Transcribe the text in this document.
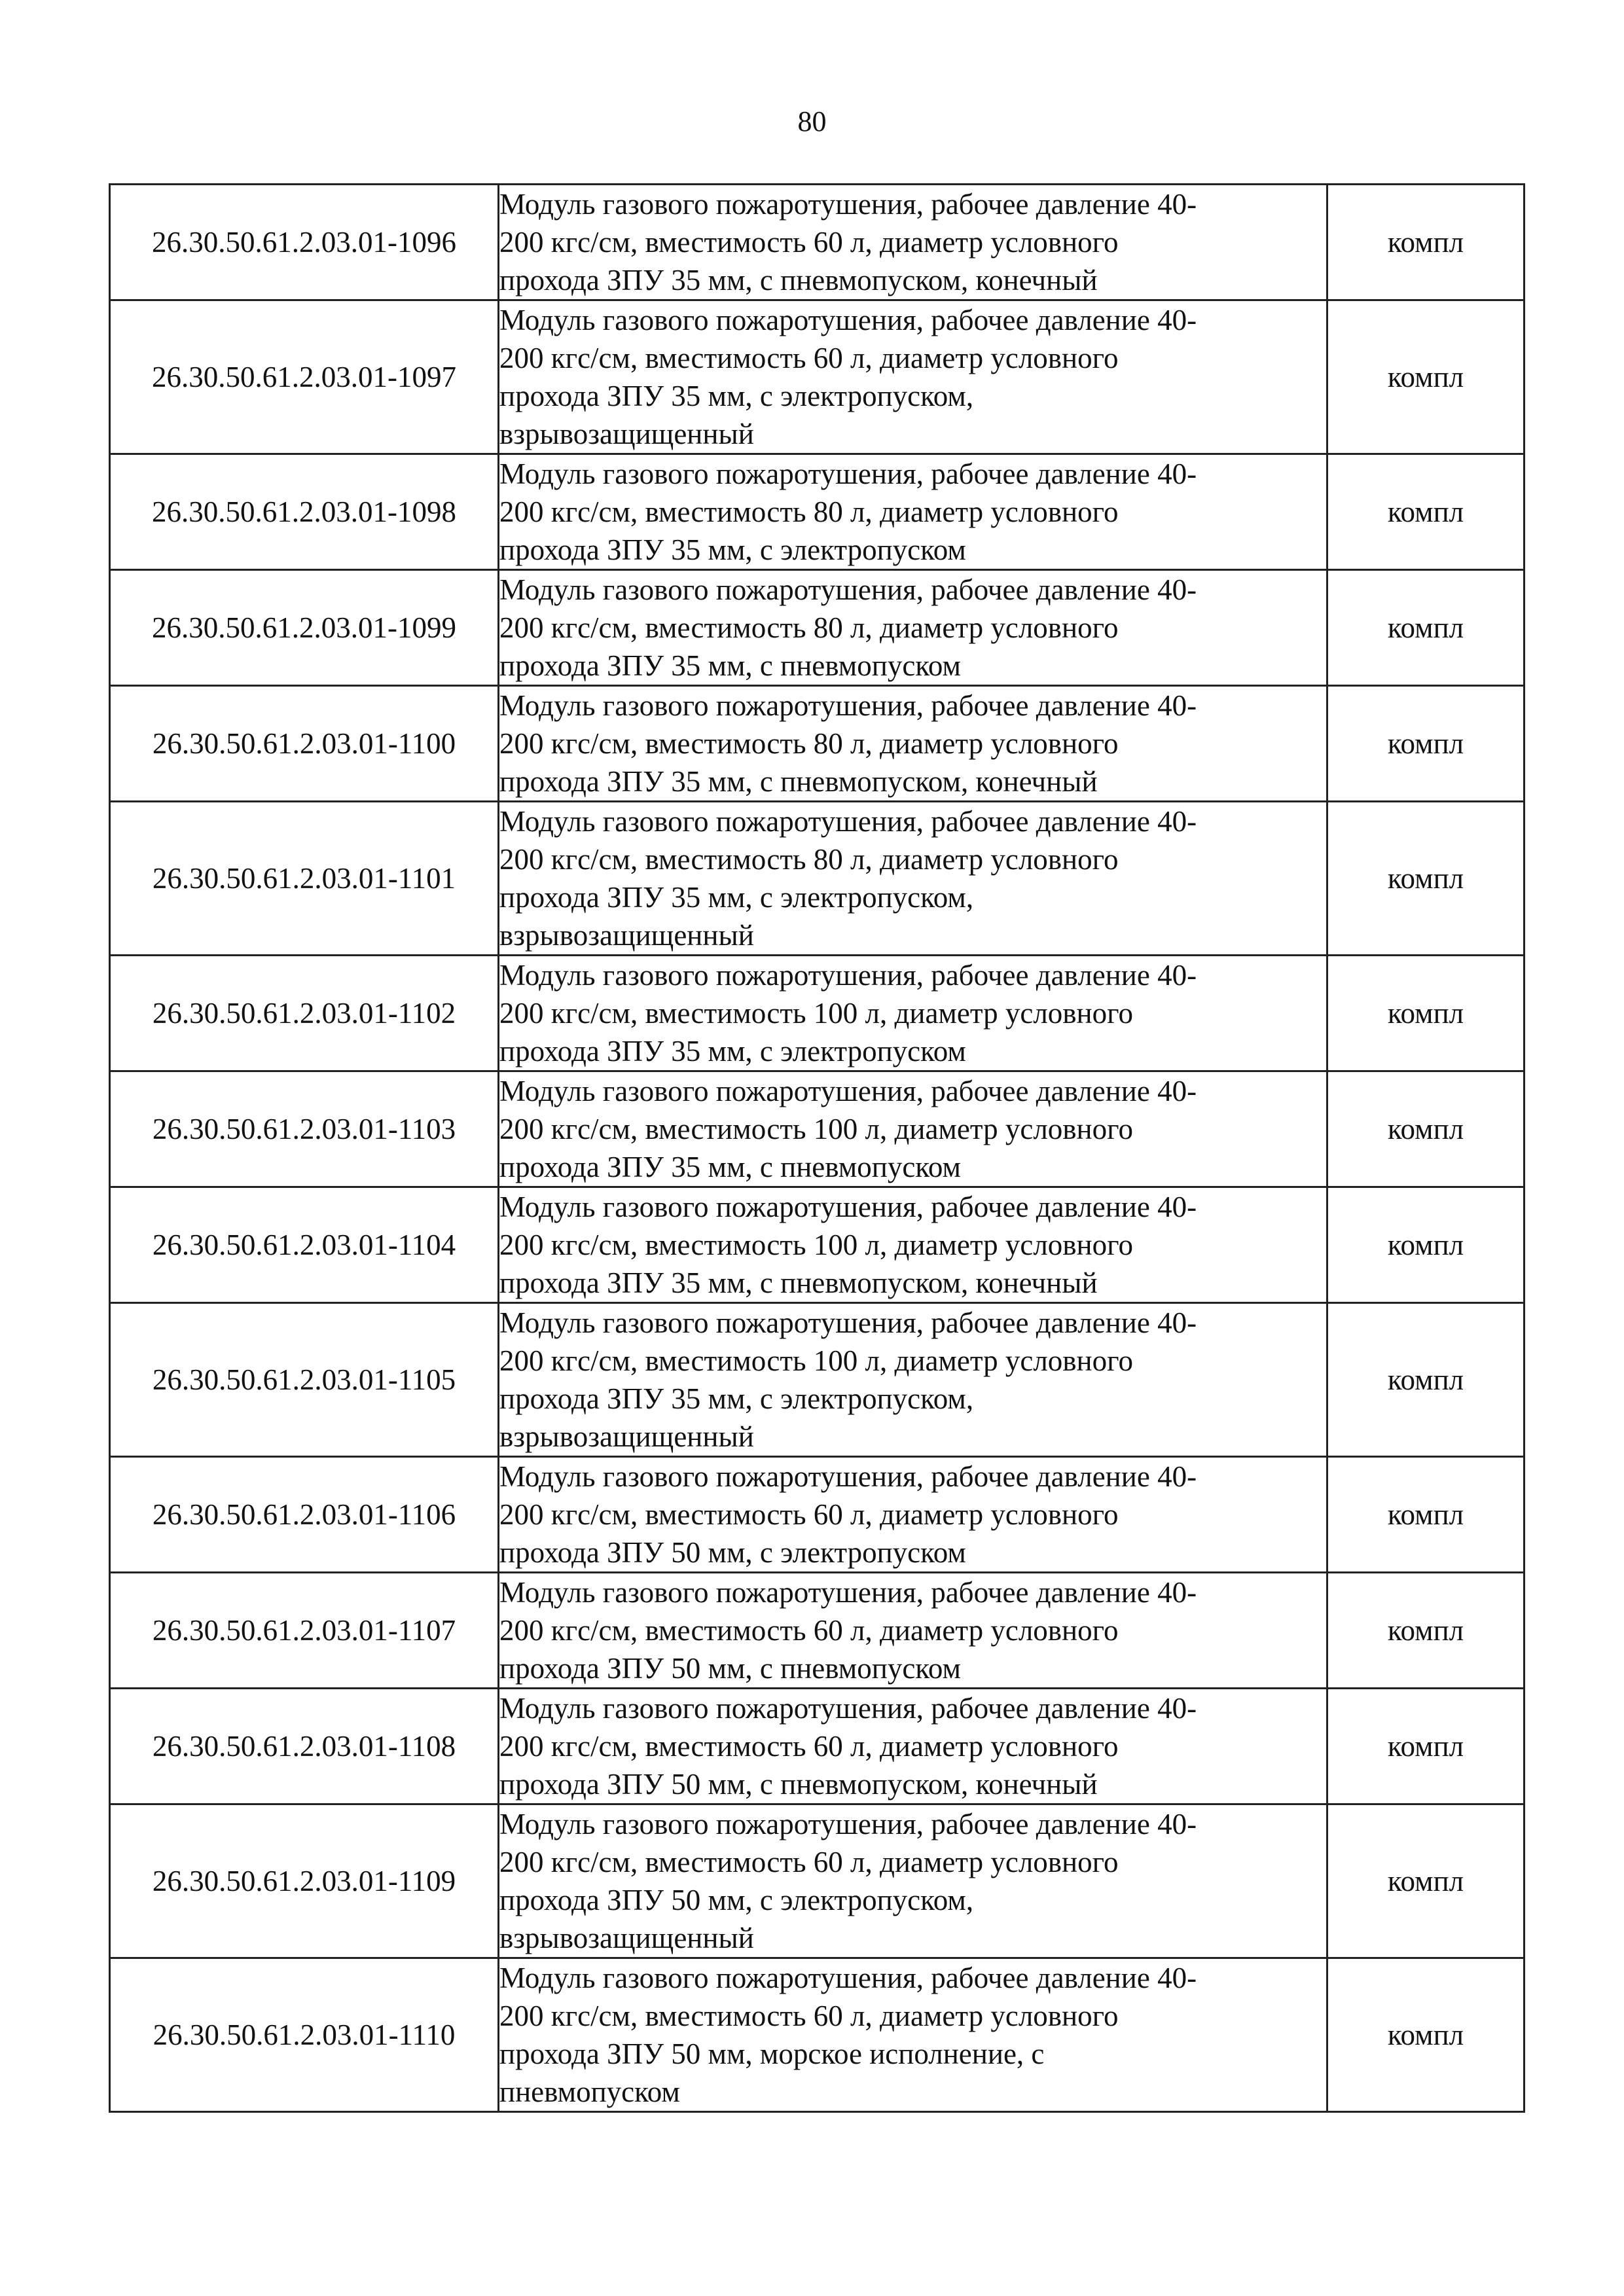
80
26.30.50.61.2.03.01-1096	Модуль газового пожаротушения, рабочее давление 40-
200 кгс/см, вместимость 60 л, диаметр условного
прохода ЗПУ 35 мм, с пневмопуском, конечный	компл
26.30.50.61.2.03.01-1097	Модуль газового пожаротушения, рабочее давление 40-
200 кгс/см, вместимость 60 л, диаметр условного
прохода ЗПУ 35 мм, с электропуском,
взрывозащищенный	компл
26.30.50.61.2.03.01-1098	Модуль газового пожаротушения, рабочее давление 40-
200 кгс/см, вместимость 80 л, диаметр условного
прохода ЗПУ 35 мм, с электропуском	компл
26.30.50.61.2.03.01-1099	Модуль газового пожаротушения, рабочее давление 40-
200 кгс/см, вместимость 80 л, диаметр условного
прохода ЗПУ 35 мм, с пневмопуском	компл
26.30.50.61.2.03.01-1100	Модуль газового пожаротушения, рабочее давление 40-
200 кгс/см, вместимость 80 л, диаметр условного
прохода ЗПУ 35 мм, с пневмопуском, конечный	компл
26.30.50.61.2.03.01-1101	Модуль газового пожаротушения, рабочее давление 40-
200 кгс/см, вместимость 80 л, диаметр условного
прохода ЗПУ 35 мм, с электропуском,
взрывозащищенный	компл
26.30.50.61.2.03.01-1102	Модуль газового пожаротушения, рабочее давление 40-
200 кгс/см, вместимость 100 л, диаметр условного
прохода ЗПУ 35 мм, с электропуском	компл
26.30.50.61.2.03.01-1103	Модуль газового пожаротушения, рабочее давление 40-
200 кгс/см, вместимость 100 л, диаметр условного
прохода ЗПУ 35 мм, с пневмопуском	компл
26.30.50.61.2.03.01-1104	Модуль газового пожаротушения, рабочее давление 40-
200 кгс/см, вместимость 100 л, диаметр условного
прохода ЗПУ 35 мм, с пневмопуском, конечный	компл
26.30.50.61.2.03.01-1105	Модуль газового пожаротушения, рабочее давление 40-
200 кгс/см, вместимость 100 л, диаметр условного
прохода ЗПУ 35 мм, с электропуском,
взрывозащищенный	компл
26.30.50.61.2.03.01-1106	Модуль газового пожаротушения, рабочее давление 40-
200 кгс/см, вместимость 60 л, диаметр условного
прохода ЗПУ 50 мм, с электропуском	компл
26.30.50.61.2.03.01-1107	Модуль газового пожаротушения, рабочее давление 40-
200 кгс/см, вместимость 60 л, диаметр условного
прохода ЗПУ 50 мм, с пневмопуском	компл
26.30.50.61.2.03.01-1108	Модуль газового пожаротушения, рабочее давление 40-
200 кгс/см, вместимость 60 л, диаметр условного
прохода ЗПУ 50 мм, с пневмопуском, конечный	компл
26.30.50.61.2.03.01-1109	Модуль газового пожаротушения, рабочее давление 40-
200 кгс/см, вместимость 60 л, диаметр условного
прохода ЗПУ 50 мм, с электропуском,
взрывозащищенный	компл
26.30.50.61.2.03.01-1110	Модуль газового пожаротушения, рабочее давление 40-
200 кгс/см, вместимость 60 л, диаметр условного
прохода ЗПУ 50 мм, морское исполнение, с
пневмопуском	компл
